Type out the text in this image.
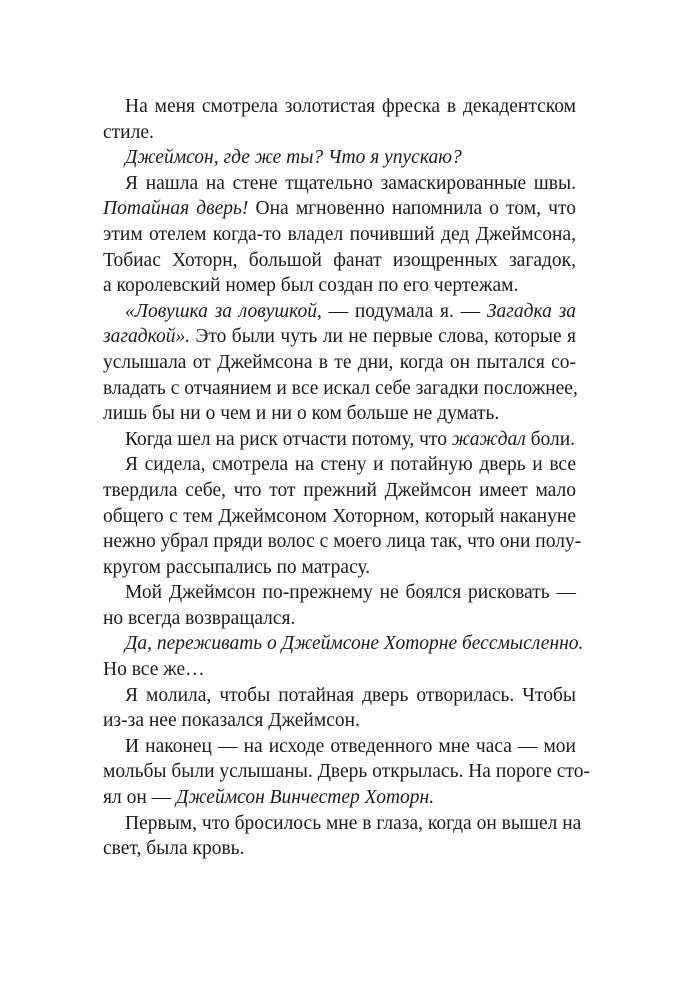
На меня смотрела золотистая фреска в декадентском
стиле.
Джеймсон, где же ты? Что я упускаю?
Я нашла на стене тщательно замаскированные швы.
Потайная дверь! Она мгновенно напомнила о том, что
этим отелем когда-то владел почивший дед Джеймсона,
Тобиас Хоторн, большой фанат изощренных загадок,
а королевский номер был создан по его чертежам.
«Ловушка за ловушкой, — подумала я. — Загадка за
загадкой». Это были чуть ли не первые слова, которые я
услышала от Джеймсона в те дни, когда он пытался со-
владать с отчаянием и все искал себе загадки посложнее,
лишь бы ни о чем и ни о ком больше не думать.
Когда шел на риск отчасти потому, что жаждал боли.
Я сидела, смотрела на стену и потайную дверь и все
твердила себе, что тот прежний Джеймсон имеет мало
общего с тем Джеймсоном Хоторном, который накануне
нежно убрал пряди волос с моего лица так, что они полу-
кругом рассыпались по матрасу.
Мой Джеймсон по-прежнему не боялся рисковать —
но всегда возвращался.
Да, переживать о Джеймсоне Хоторне бессмысленно.
Но все же…
Я молила, чтобы потайная дверь отворилась. Чтобы
из-за нее показался Джеймсон.
И наконец — на исходе отведенного мне часа — мои
мольбы были услышаны. Дверь открылась. На пороге сто-
ял он — Джеймсон Винчестер Хоторн.
Первым, что бросилось мне в глаза, когда он вышел на
свет, была кровь.
